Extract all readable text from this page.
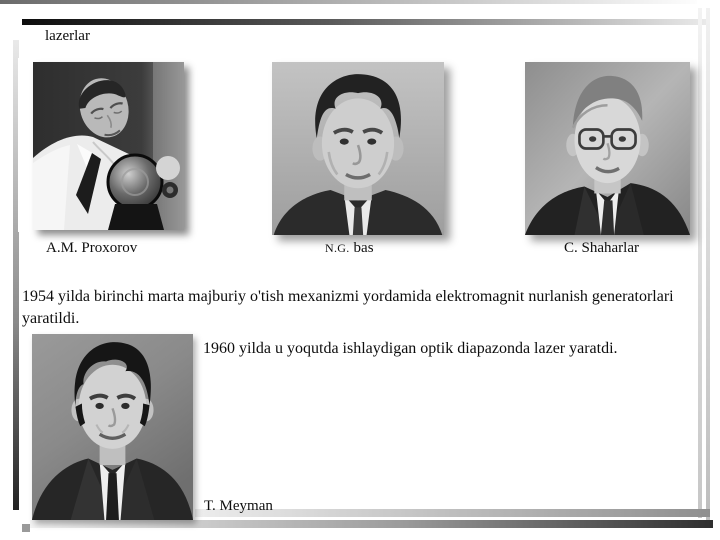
lazerlar
A.M. Proxorov	N.G. bas	C. Shaharlar
1954 yilda birinchi marta majburiy o'tish mexanizmi yordamida elektromagnit nurlanish generatorlari yaratildi.
1960 yilda u yoqutda ishlaydigan optik diapazonda lazer yaratdi.
T. Meyman
